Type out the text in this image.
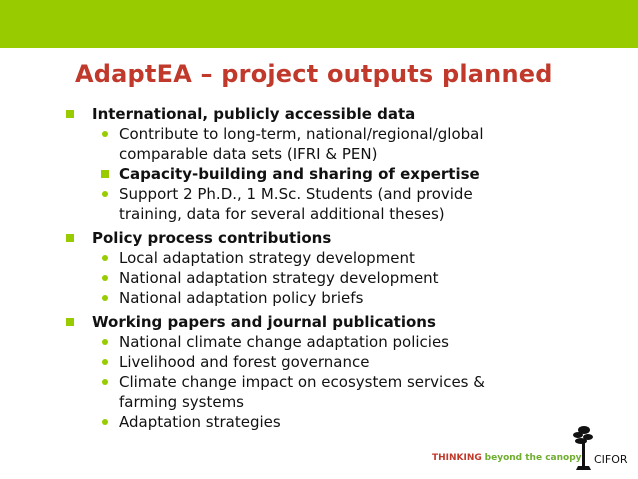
AdaptEA – project outputs planned
International, publicly accessible data
Contribute to long-term, national/regional/global
comparable data sets (IFRI & PEN)
Capacity-building and sharing of expertise
Support 2 Ph.D., 1 M.Sc. Students (and provide
training, data for several additional theses)
Policy process contributions
Local adaptation strategy development
National adaptation strategy development
National adaptation policy briefs
Working papers and journal publications
National climate change adaptation policies
Livelihood and forest governance
Climate change impact on ecosystem services &
farming systems
Adaptation strategies
THINKING beyond the canopy CIFOR
